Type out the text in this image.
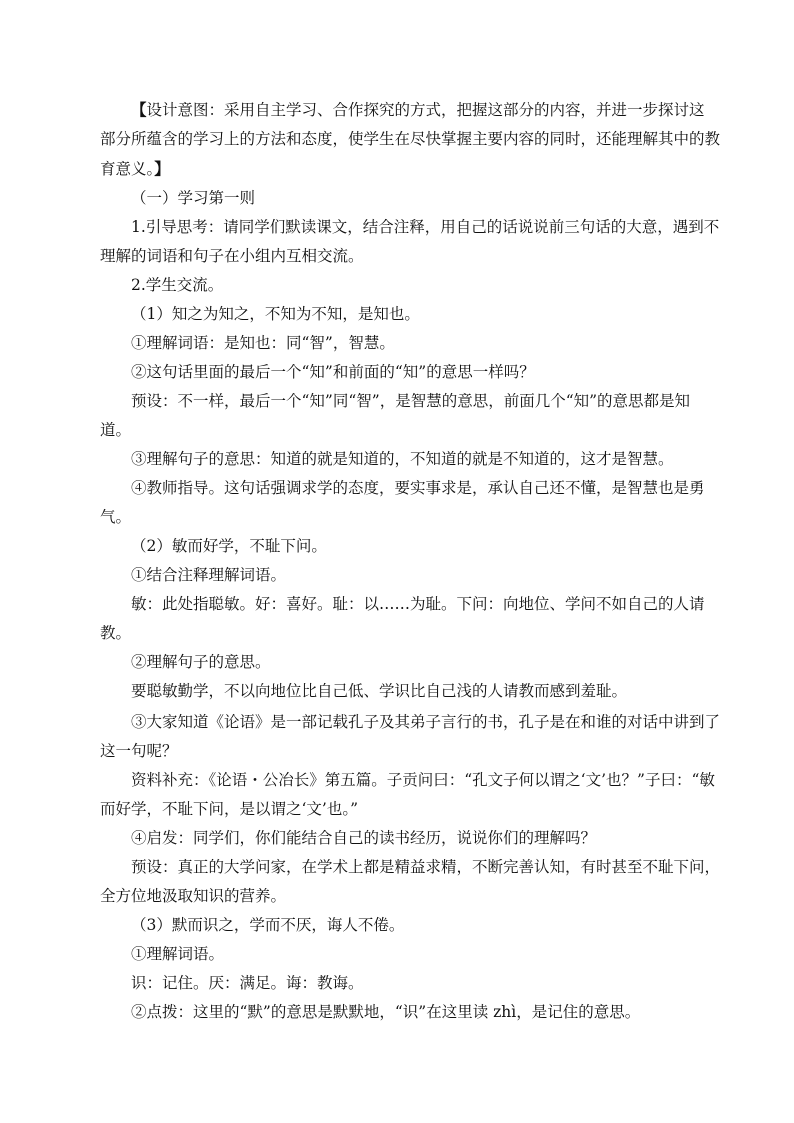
【设计意图：采用自主学习、合作探究的方式，把握这部分的内容，并进一步探讨这部分所蕴含的学习上的方法和态度，使学生在尽快掌握主要内容的同时，还能理解其中的教育意义。】

（一）学习第一则

1.引导思考：请同学们默读课文，结合注释，用自己的话说说前三句话的大意，遇到不理解的词语和句子在小组内互相交流。

2.学生交流。

（1）知之为知之，不知为不知，是知也。

①理解词语：是知也：同“智”，智慧。

②这句话里面的最后一个“知”和前面的“知”的意思一样吗？

预设：不一样，最后一个“知”同“智”，是智慧的意思，前面几个“知”的意思都是知道。

③理解句子的意思：知道的就是知道的，不知道的就是不知道的，这才是智慧。

④教师指导。这句话强调求学的态度，要实事求是，承认自己还不懂，是智慧也是勇气。

（2）敏而好学，不耻下问。

①结合注释理解词语。

敏：此处指聪敏。好：喜好。耻：以……为耻。下问：向地位、学问不如自己的人请教。

②理解句子的意思。

要聪敏勤学，不以向地位比自己低、学识比自己浅的人请教而感到羞耻。

③大家知道《论语》是一部记载孔子及其弟子言行的书，孔子是在和谁的对话中讲到了这一句呢？

资料补充：《论语・公冶长》第五篇。子贡问曰：“孔文子何以谓之‘文’也？”子曰：“敏而好学，不耻下问，是以谓之‘文’也。”

④启发：同学们，你们能结合自己的读书经历，说说你们的理解吗？

预设：真正的大学问家，在学术上都是精益求精，不断完善认知，有时甚至不耻下问，全方位地汲取知识的营养。

（3）默而识之，学而不厌，诲人不倦。

①理解词语。

识：记住。厌：满足。诲：教诲。

②点拨：这里的“默”的意思是默默地，“识”在这里读 zhì，是记住的意思。
